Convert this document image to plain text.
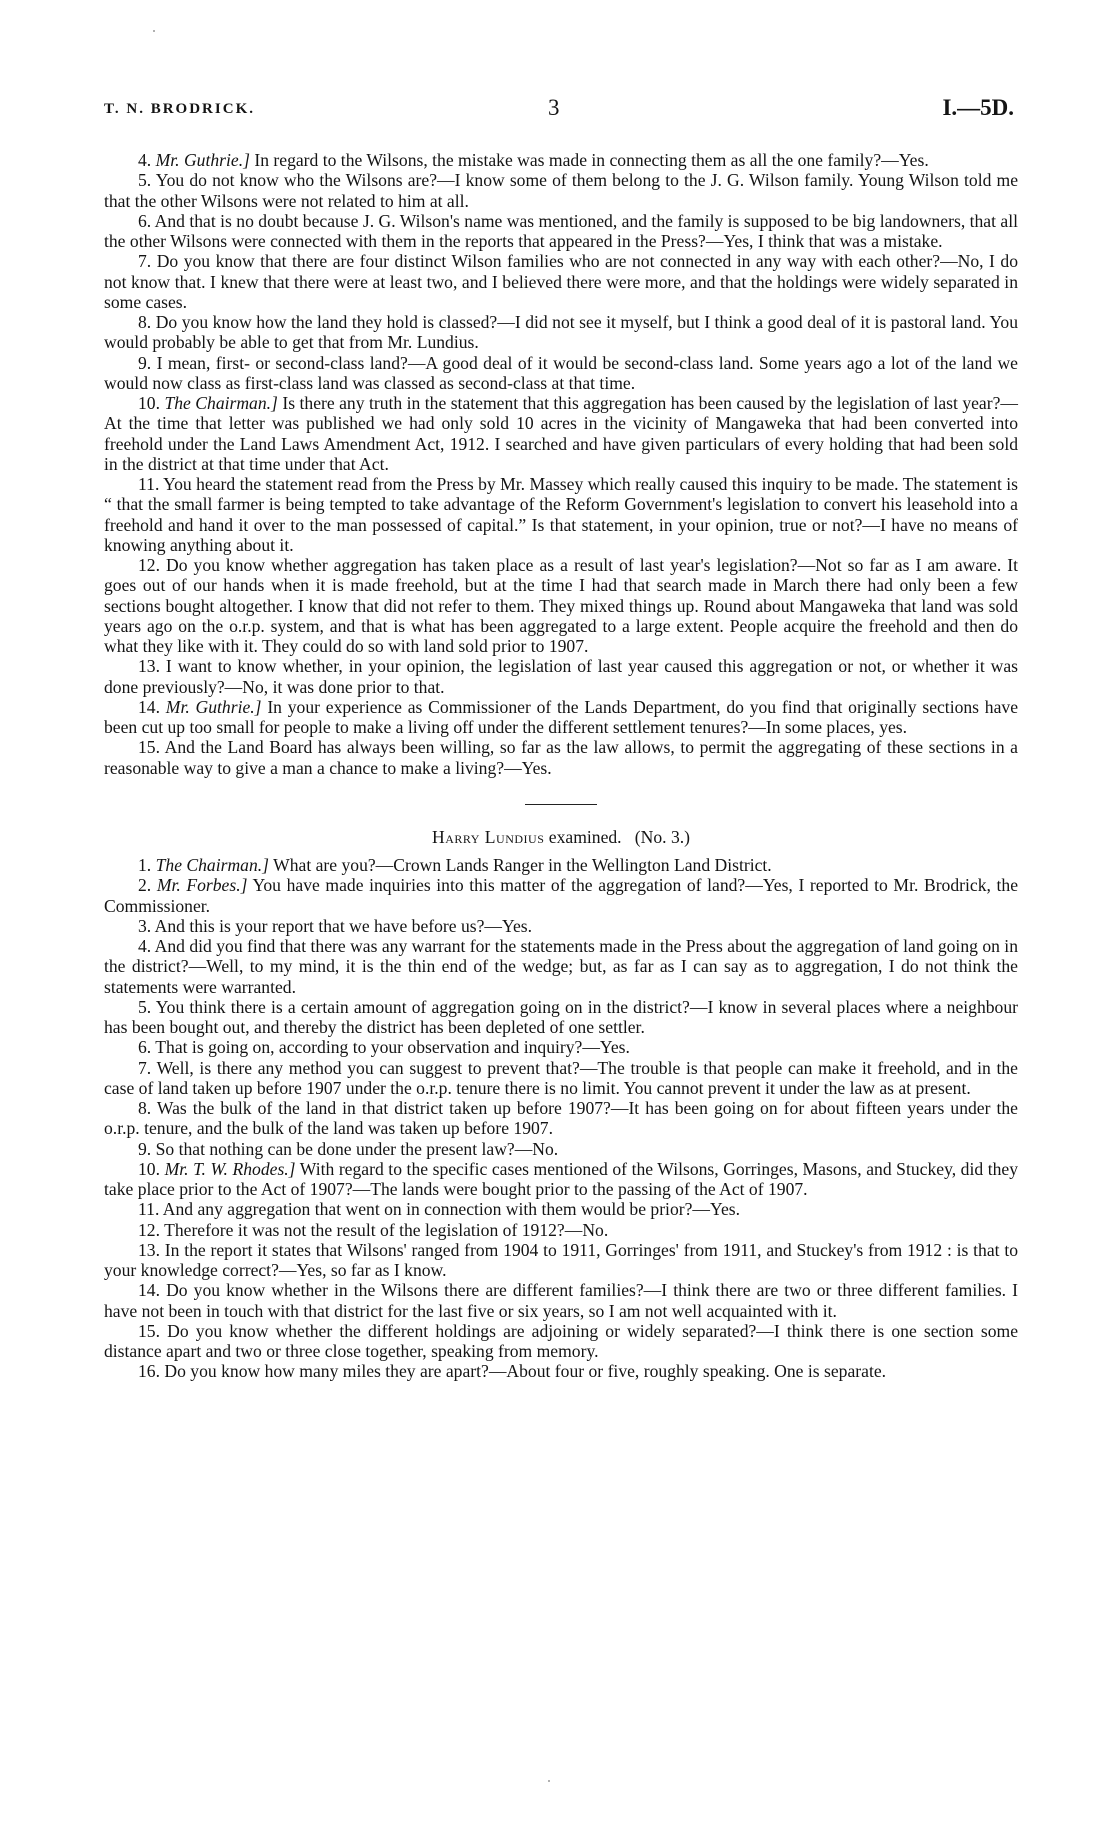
T. N. BRODRICK.	3	I.—5D.

4. Mr. Guthrie.] In regard to the Wilsons, the mistake was made in connecting them as all the one family?—Yes.

5. You do not know who the Wilsons are?—I know some of them belong to the J. G. Wilson family. Young Wilson told me that the other Wilsons were not related to him at all.

6. And that is no doubt because J. G. Wilson's name was mentioned, and the family is supposed to be big landowners, that all the other Wilsons were connected with them in the reports that appeared in the Press?—Yes, I think that was a mistake.

7. Do you know that there are four distinct Wilson families who are not connected in any way with each other?—No, I do not know that. I knew that there were at least two, and I believed there were more, and that the holdings were widely separated in some cases.

8. Do you know how the land they hold is classed?—I did not see it myself, but I think a good deal of it is pastoral land. You would probably be able to get that from Mr. Lundius.

9. I mean, first- or second-class land?—A good deal of it would be second-class land. Some years ago a lot of the land we would now class as first-class land was classed as second-class at that time.

10. The Chairman.] Is there any truth in the statement that this aggregation has been caused by the legislation of last year?—At the time that letter was published we had only sold 10 acres in the vicinity of Mangaweka that had been converted into freehold under the Land Laws Amendment Act, 1912. I searched and have given particulars of every holding that had been sold in the district at that time under that Act.

11. You heard the statement read from the Press by Mr. Massey which really caused this inquiry to be made. The statement is “ that the small farmer is being tempted to take advantage of the Reform Government's legislation to convert his leasehold into a freehold and hand it over to the man possessed of capital.” Is that statement, in your opinion, true or not?—I have no means of knowing anything about it.

12. Do you know whether aggregation has taken place as a result of last year's legislation?—Not so far as I am aware. It goes out of our hands when it is made freehold, but at the time I had that search made in March there had only been a few sections bought altogether. I know that did not refer to them. They mixed things up. Round about Mangaweka that land was sold years ago on the o.r.p. system, and that is what has been aggregated to a large extent. People acquire the freehold and then do what they like with it. They could do so with land sold prior to 1907.

13. I want to know whether, in your opinion, the legislation of last year caused this aggregation or not, or whether it was done previously?—No, it was done prior to that.

14. Mr. Guthrie.] In your experience as Commissioner of the Lands Department, do you find that originally sections have been cut up too small for people to make a living off under the different settlement tenures?—In some places, yes.

15. And the Land Board has always been willing, so far as the law allows, to permit the aggregating of these sections in a reasonable way to give a man a chance to make a living?—Yes.

Harry Lundius examined. (No. 3.)

1. The Chairman.] What are you?—Crown Lands Ranger in the Wellington Land District.

2. Mr. Forbes.] You have made inquiries into this matter of the aggregation of land?—Yes, I reported to Mr. Brodrick, the Commissioner.

3. And this is your report that we have before us?—Yes.

4. And did you find that there was any warrant for the statements made in the Press about the aggregation of land going on in the district?—Well, to my mind, it is the thin end of the wedge; but, as far as I can say as to aggregation, I do not think the statements were warranted.

5. You think there is a certain amount of aggregation going on in the district?—I know in several places where a neighbour has been bought out, and thereby the district has been depleted of one settler.

6. That is going on, according to your observation and inquiry?—Yes.

7. Well, is there any method you can suggest to prevent that?—The trouble is that people can make it freehold, and in the case of land taken up before 1907 under the o.r.p. tenure there is no limit. You cannot prevent it under the law as at present.

8. Was the bulk of the land in that district taken up before 1907?—It has been going on for about fifteen years under the o.r.p. tenure, and the bulk of the land was taken up before 1907.

9. So that nothing can be done under the present law?—No.

10. Mr. T. W. Rhodes.] With regard to the specific cases mentioned of the Wilsons, Gorringes, Masons, and Stuckey, did they take place prior to the Act of 1907?—The lands were bought prior to the passing of the Act of 1907.

11. And any aggregation that went on in connection with them would be prior?—Yes.

12. Therefore it was not the result of the legislation of 1912?—No.

13. In the report it states that Wilsons' ranged from 1904 to 1911, Gorringes' from 1911, and Stuckey's from 1912 : is that to your knowledge correct?—Yes, so far as I know.

14. Do you know whether in the Wilsons there are different families?—I think there are two or three different families. I have not been in touch with that district for the last five or six years, so I am not well acquainted with it.

15. Do you know whether the different holdings are adjoining or widely separated?—I think there is one section some distance apart and two or three close together, speaking from memory.

16. Do you know how many miles they are apart?—About four or five, roughly speaking. One is separate.
